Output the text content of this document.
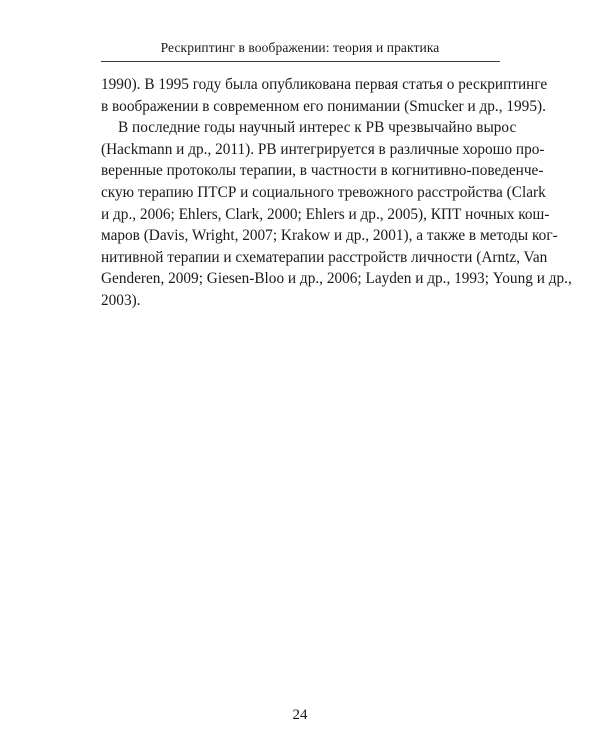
Рескриптинг в воображении: теория и практика
1990). В 1995 году была опубликована первая статья о рескриптинге
в воображении в современном его понимании (Smucker и др., 1995).
В последние годы научный интерес к РВ чрезвычайно вырос
(Hackmann и др., 2011). РВ интегрируется в различные хорошо про-
веренные протоколы терапии, в частности в когнитивно-поведенче-
скую терапию ПТСР и социального тревожного расстройства (Clark
и др., 2006; Ehlers, Clark, 2000; Ehlers и др., 2005), КПТ ночных кош-
маров (Davis, Wright, 2007; Krakow и др., 2001), а также в методы ког-
нитивной терапии и схематерапии расстройств личности (Arntz, Van
Genderen, 2009; Giesen-Bloo и др., 2006; Layden и др., 1993; Young и др.,
2003).
24
